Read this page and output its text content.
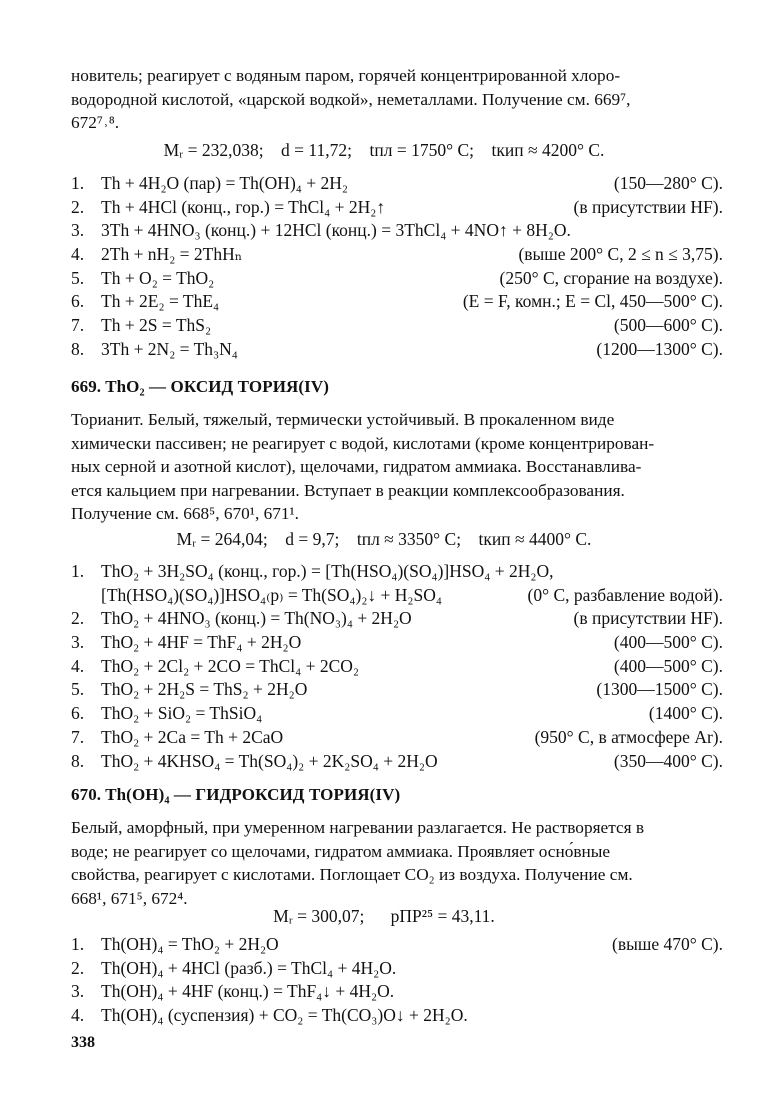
новитель; реагирует с водяным паром, горячей концентрированной хлоро-
водородной кислотой, «царской водкой», неметаллами. Получение см. 669⁷,
672⁷˒⁸.
Mᵣ = 232,038;    d = 11,72;    tпл = 1750° С;    tкип ≈ 4200° С.
1. Th + 4H₂O (пар) = Th(OH)₄ + 2H₂	(150—280° С).
2. Th + 4HCl (конц., гор.) = ThCl₄ + 2H₂↑	(в присутствии HF).
3. 3Th + 4HNO₃ (конц.) + 12HCl (конц.) = 3ThCl₄ + 4NO↑ + 8H₂O.
4. 2Th + nH₂ = 2ThHₙ	(выше 200° С, 2 ≤ n ≤ 3,75).
5. Th + O₂ = ThO₂	(250° С, сгорание на воздухе).
6. Th + 2E₂ = ThE₄	(E = F, комн.; E = Cl, 450—500° С).
7. Th + 2S = ThS₂	(500—600° С).
8. 3Th + 2N₂ = Th₃N₄	(1200—1300° С).
669. ThO₂ — ОКСИД ТОРИЯ(IV)
Торианит. Белый, тяжелый, термически устойчивый. В прокаленном виде
химически пассивен; не реагирует с водой, кислотами (кроме концентрирован-
ных серной и азотной кислот), щелочами, гидратом аммиака. Восстанавлива-
ется кальцием при нагревании. Вступает в реакции комплексообразования.
Получение см. 668⁵, 670¹, 671¹.
Mᵣ = 264,04;    d = 9,7;    tпл ≈ 3350° С;    tкип ≈ 4400° С.
1. ThO₂ + 3H₂SO₄ (конц., гор.) = [Th(HSO₄)(SO₄)]HSO₄ + 2H₂O,
[Th(HSO₄)(SO₄)]HSO₄₍р₎ = Th(SO₄)₂↓ + H₂SO₄	(0° С, разбавление водой).
2. ThO₂ + 4HNO₃ (конц.) = Th(NO₃)₄ + 2H₂O	(в присутствии HF).
3. ThO₂ + 4HF = ThF₄ + 2H₂O	(400—500° С).
4. ThO₂ + 2Cl₂ + 2CO = ThCl₄ + 2CO₂	(400—500° С).
5. ThO₂ + 2H₂S = ThS₂ + 2H₂O	(1300—1500° С).
6. ThO₂ + SiO₂ = ThSiO₄	(1400° С).
7. ThO₂ + 2Ca = Th + 2CaO	(950° С, в атмосфере Ar).
8. ThO₂ + 4KHSO₄ = Th(SO₄)₂ + 2K₂SO₄ + 2H₂O	(350—400° С).
670. Th(OH)₄ — ГИДРОКСИД ТОРИЯ(IV)
Белый, аморфный, при умеренном нагревании разлагается. Не растворяется в
воде; не реагирует со щелочами, гидратом аммиака. Проявляет осно́вные
свойства, реагирует с кислотами. Поглощает CO₂ из воздуха. Получение см.
668¹, 671⁵, 672⁴.
Mᵣ = 300,07;      pПР²⁵ = 43,11.
1. Th(OH)₄ = ThO₂ + 2H₂O	(выше 470° С).
2. Th(OH)₄ + 4HCl (разб.) = ThCl₄ + 4H₂O.
3. Th(OH)₄ + 4HF (конц.) = ThF₄↓ + 4H₂O.
4. Th(OH)₄ (суспензия) + CO₂ = Th(CO₃)O↓ + 2H₂O.
338
